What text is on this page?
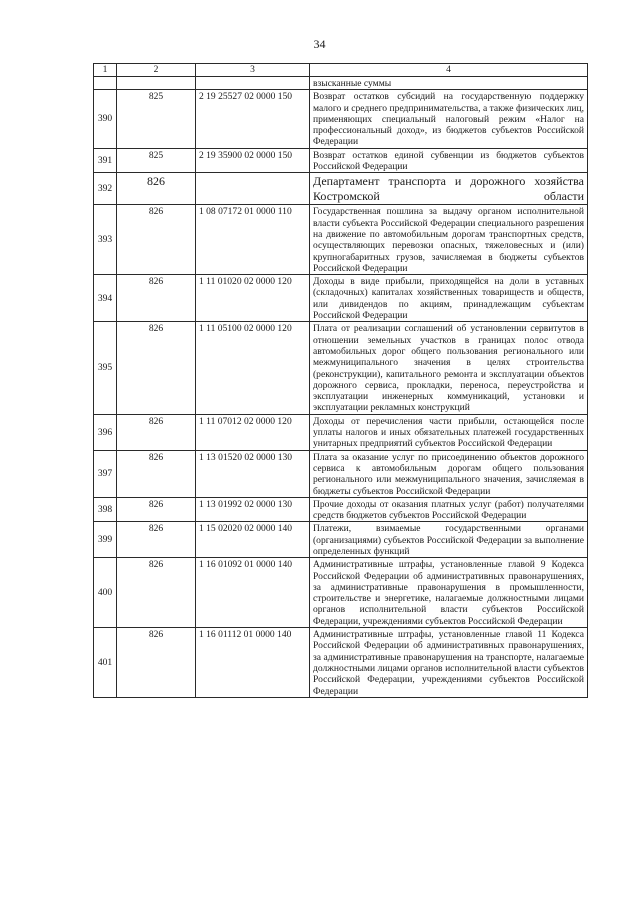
34
1	2	3	4
			взысканные суммы
390	825	2 19 25527 02 0000 150	Возврат остатков субсидий на государственную поддержку малого и среднего предпринимательства, а также физических лиц, применяющих специальный налоговый режим «Налог на профессиональный доход», из бюджетов субъектов Российской Федерации
391	825	2 19 35900 02 0000 150	Возврат остатков единой субвенции из бюджетов субъектов Российской Федерации
392	826		Департамент транспорта и дорожного хозяйства Костромской области
393	826	1 08 07172 01 0000 110	Государственная пошлина за выдачу органом исполнительной власти субъекта Российской Федерации специального разрешения на движение по автомобильным дорогам транспортных средств, осуществляющих перевозки опасных, тяжеловесных и (или) крупногабаритных грузов, зачисляемая в бюджеты субъектов Российской Федерации
394	826	1 11 01020 02 0000 120	Доходы в виде прибыли, приходящейся на доли в уставных (складочных) капиталах хозяйственных товариществ и обществ, или дивидендов по акциям, принадлежащим субъектам Российской Федерации
395	826	1 11 05100 02 0000 120	Плата от реализации соглашений об установлении сервитутов в отношении земельных участков в границах полос отвода автомобильных дорог общего пользования регионального или межмуниципального значения в целях строительства (реконструкции), капитального ремонта и эксплуатации объектов дорожного сервиса, прокладки, переноса, переустройства и эксплуатации инженерных коммуникаций, установки и эксплуатации рекламных конструкций
396	826	1 11 07012 02 0000 120	Доходы от перечисления части прибыли, остающейся после уплаты налогов и иных обязательных платежей государственных унитарных предприятий субъектов Российской Федерации
397	826	1 13 01520 02 0000 130	Плата за оказание услуг по присоединению объектов дорожного сервиса к автомобильным дорогам общего пользования регионального или межмуниципального значения, зачисляемая в бюджеты субъектов Российской Федерации
398	826	1 13 01992 02 0000 130	Прочие доходы от оказания платных услуг (работ) получателями средств бюджетов субъектов Российской Федерации
399	826	1 15 02020 02 0000 140	Платежи, взимаемые государственными органами (организациями) субъектов Российской Федерации за выполнение определенных функций
400	826	1 16 01092 01 0000 140	Административные штрафы, установленные главой 9 Кодекса Российской Федерации об административных правонарушениях, за административные правонарушения в промышленности, строительстве и энергетике, налагаемые должностными лицами органов исполнительной власти субъектов Российской Федерации, учреждениями субъектов Российской Федерации
401	826	1 16 01112 01 0000 140	Административные штрафы, установленные главой 11 Кодекса Российской Федерации об административных правонарушениях, за административные правонарушения на транспорте, налагаемые должностными лицами органов исполнительной власти субъектов Российской Федерации, учреждениями субъектов Российской Федерации
